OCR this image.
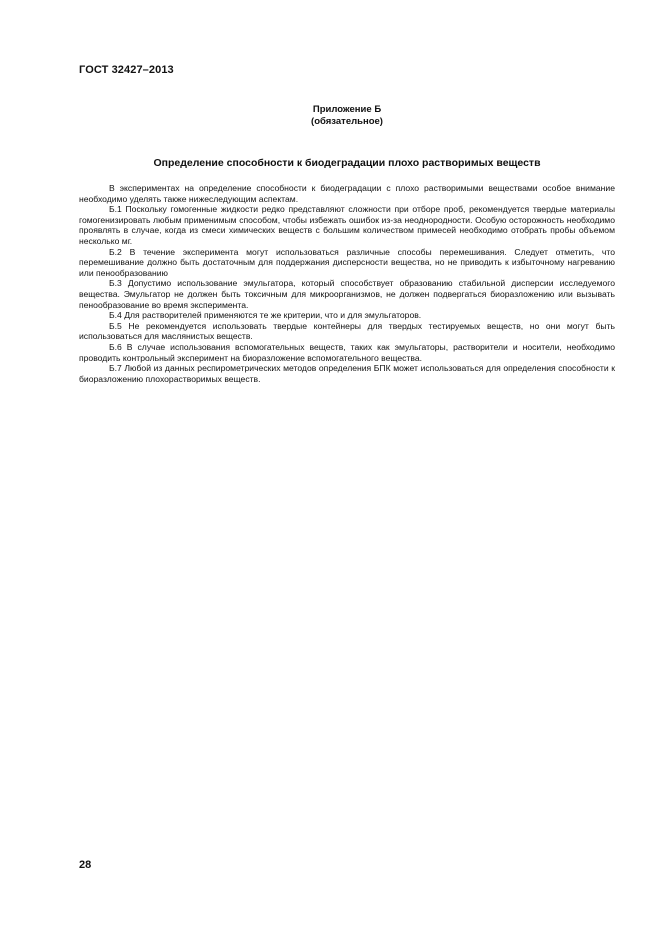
ГОСТ 32427–2013
Приложение Б
(обязательное)
Определение способности к биодеградации плохо растворимых веществ

В экспериментах на определение способности к биодеградации с плохо растворимыми веществами особое внимание необходимо уделять также нижеследующим аспектам.

Б.1 Поскольку гомогенные жидкости редко представляют сложности при отборе проб, рекомендуется твердые материалы гомогенизировать любым применимым способом, чтобы избежать ошибок из-за неоднородности. Особую осторожность необходимо проявлять в случае, когда из смеси химических веществ с большим количеством примесей необходимо отобрать пробы объемом несколько мг.

Б.2 В течение эксперимента могут использоваться различные способы перемешивания. Следует отметить, что перемешивание должно быть достаточным для поддержания дисперсности вещества, но не приводить к избыточному нагреванию или пенообразованию

Б.3 Допустимо использование эмульгатора, который способствует образованию стабильной дисперсии исследуемого вещества. Эмульгатор не должен быть токсичным для микроорганизмов, не должен подвергаться биоразложению или вызывать пенообразование во время эксперимента.

Б.4 Для растворителей применяются те же критерии, что и для эмульгаторов.

Б.5 Не рекомендуется использовать твердые контейнеры для твердых тестируемых веществ, но они могут быть использоваться для маслянистых веществ.

Б.6 В случае использования вспомогательных веществ, таких как эмульгаторы, растворители и носители, необходимо проводить контрольный эксперимент на биоразложение вспомогательного вещества.

Б.7 Любой из данных респирометрических методов определения БПК может использоваться для определения способности к биоразложению плохорастворимых веществ.

28
